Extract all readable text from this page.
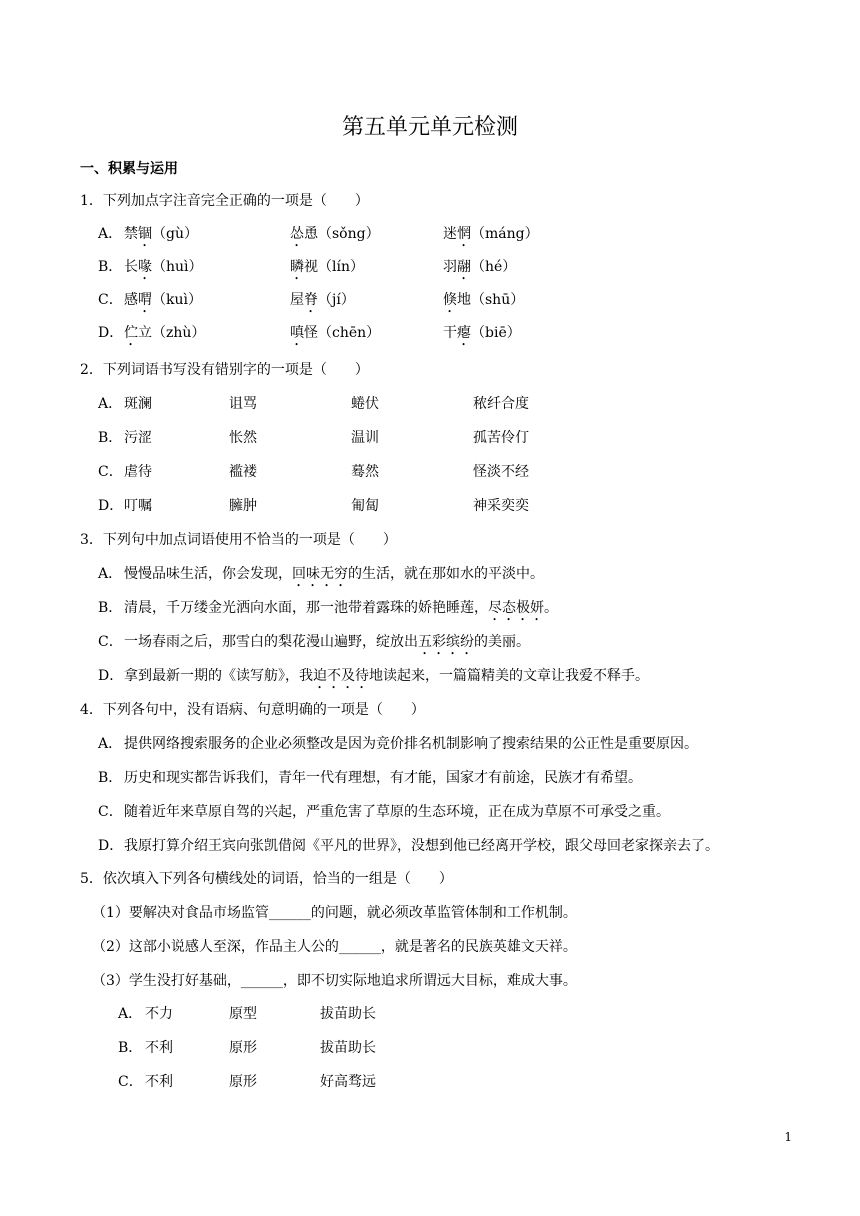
第五单元单元检测
一、积累与运用
1．下列加点字注音完全正确的一项是（　　）
A． 禁锢（gù）	怂恿（sǒng）	迷惘（máng）
B． 长喙（huì）	瞵视（lín）	羽翮（hé）
C． 感喟（kuì）	屋脊（jí）	倏地（shū）
D． 伫立（zhù）	嗔怪（chēn）	干瘪（biē）
2．下列词语书写没有错别字的一项是（　　）
A． 斑澜	诅骂	蜷伏	秾纤合度
B． 污涩	怅然	温训	孤苦伶仃
C． 虐待	褴褛	蓦然	怪淡不经
D． 叮嘱	臃肿	匍匐	神采奕奕
3．下列句中加点词语使用不恰当的一项是（　　）
A． 慢慢品味生活，你会发现，回味无穷的生活，就在那如水的平淡中。
B． 清晨，千万缕金光洒向水面，那一池带着露珠的娇艳睡莲，尽态极妍。
C． 一场春雨之后，那雪白的梨花漫山遍野，绽放出五彩缤纷的美丽。
D． 拿到最新一期的《读写舫》，我迫不及待地读起来，一篇篇精美的文章让我爱不释手。
4．下列各句中，没有语病、句意明确的一项是（　　）
A． 提供网络搜索服务的企业必须整改是因为竞价排名机制影响了搜索结果的公正性是重要原因。
B． 历史和现实都告诉我们，青年一代有理想，有才能，国家才有前途，民族才有希望。
C． 随着近年来草原自驾的兴起，严重危害了草原的生态环境，正在成为草原不可承受之重。
D． 我原打算介绍王宾向张凯借阅《平凡的世界》，没想到他已经离开学校，跟父母回老家探亲去了。
5．依次填入下列各句横线处的词语，恰当的一组是（　　）
（1）要解决对食品市场监管______的问题，就必须改革监管体制和工作机制。
（2）这部小说感人至深，作品主人公的______，就是著名的民族英雄文天祥。
（3）学生没打好基础，______，即不切实际地追求所谓远大目标，难成大事。
A． 不力	原型	拔苗助长
B． 不利	原形	拔苗助长
C． 不利	原形	好高骛远
1
